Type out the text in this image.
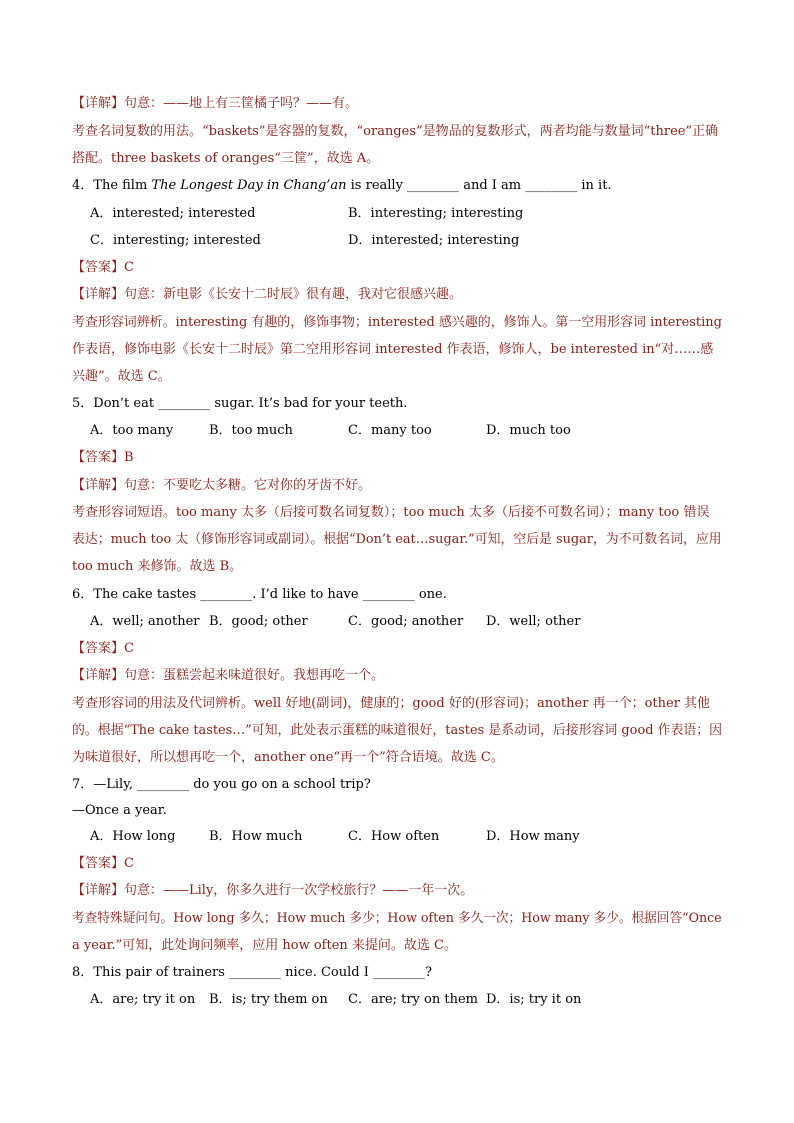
【详解】句意：——地上有三筐橘子吗？——有。
考查名词复数的用法。“baskets”是容器的复数，“oranges”是物品的复数形式，两者均能与数量词“three”正确
搭配。three baskets of oranges“三筐”，故选 A。
4．The film The Longest Day in Chang’an is really ________ and I am ________ in it.
A．interested; interested	B．interesting; interesting
C．interesting; interested	D．interested; interesting
【答案】C
【详解】句意：新电影《长安十二时辰》很有趣，我对它很感兴趣。
考查形容词辨析。interesting 有趣的，修饰事物；interested 感兴趣的，修饰人。第一空用形容词 interesting
作表语，修饰电影《长安十二时辰》第二空用形容词 interested 作表语，修饰人，be interested in“对……感
兴趣”。故选 C。
5．Don’t eat ________ sugar. It’s bad for your teeth.
A．too many	B．too much	C．many too	D．much too
【答案】B
【详解】句意：不要吃太多糖。它对你的牙齿不好。
考查形容词短语。too many 太多（后接可数名词复数）；too much 太多（后接不可数名词）；many too 错误
表达；much too 太（修饰形容词或副词）。根据“Don’t eat…sugar.”可知，空后是 sugar，为不可数名词，应用
too much 来修饰。故选 B。
6．The cake tastes ________. I’d like to have ________ one.
A．well; another B．good; other	C．good; another D．well; other
【答案】C
【详解】句意：蛋糕尝起来味道很好。我想再吃一个。
考查形容词的用法及代词辨析。well 好地(副词)，健康的；good 好的(形容词)；another 再一个；other 其他
的。根据“The cake tastes…”可知，此处表示蛋糕的味道很好，tastes 是系动词，后接形容词 good 作表语；因
为味道很好，所以想再吃一个，another one“再一个”符合语境。故选 C。
7．—Lily, ________ do you go on a school trip?
—Once a year.
A．How long	B．How much	C．How often	D．How many
【答案】C
【详解】句意：——Lily，你多久进行一次学校旅行？——一年一次。
考查特殊疑问句。How long 多久；How much 多少；How often 多久一次；How many 多少。根据回答“Once
a year.”可知，此处询问频率，应用 how often 来提问。故选 C。
8．This pair of trainers ________ nice. Could I ________?
A．are; try it on B．is; try them on C．are; try on them D．is; try it on
